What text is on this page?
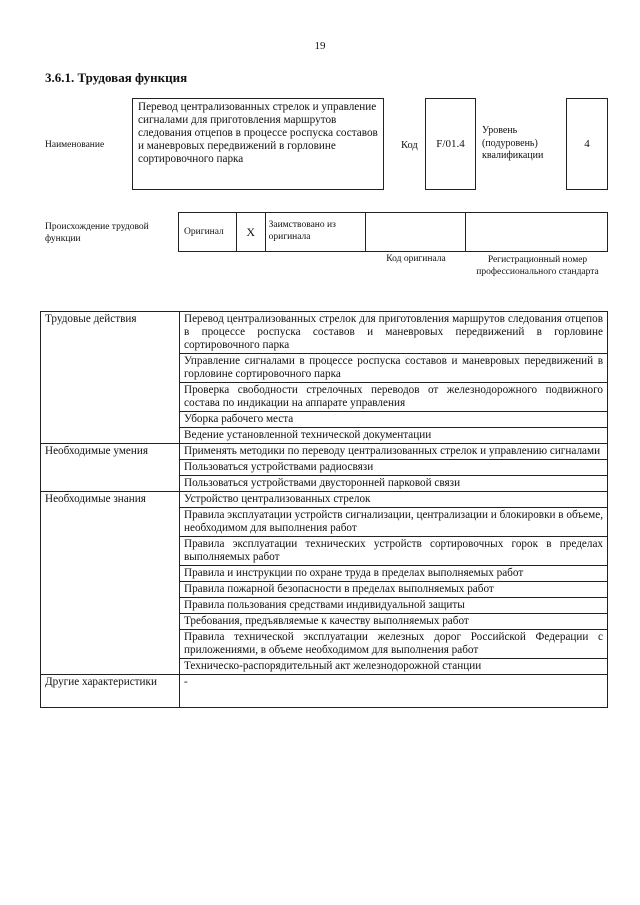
19
3.6.1. Трудовая функция
Наименование
Перевод централизованных стрелок и управление сигналами для приготовления маршрутов следования отцепов в процессе роспуска составов и маневровых передвижений в горловине сортировочного парка
Код	F/01.4
Уровень (подуровень) квалификации
4
Происхождение трудовой функции
Оригинал	X	Заимствовано из оригинала
Код оригинала	Регистрационный номер профессионального стандарта
Трудовые действия	Перевод централизованных стрелок для приготовления маршрутов следования отцепов в процессе роспуска составов и маневровых передвижений в горловине сортировочного парка
	Управление сигналами в процессе роспуска составов и маневровых передвижений в горловине сортировочного парка
	Проверка свободности стрелочных переводов от железнодорожного подвижного состава по индикации на аппарате управления
	Уборка рабочего места
	Ведение установленной технической документации
Необходимые умения	Применять методики по переводу централизованных стрелок и управлению сигналами
	Пользоваться устройствами радиосвязи
	Пользоваться устройствами двусторонней парковой связи
Необходимые знания	Устройство централизованных стрелок
	Правила эксплуатации устройств сигнализации, централизации и блокировки в объеме, необходимом для выполнения работ
	Правила эксплуатации технических устройств сортировочных горок в пределах выполняемых работ
	Правила и инструкции по охране труда в пределах выполняемых работ
	Правила пожарной безопасности в пределах выполняемых работ
	Правила пользования средствами индивидуальной защиты
	Требования, предъявляемые к качеству выполняемых работ
	Правила технической эксплуатации железных дорог Российской Федерации с приложениями, в объеме необходимом для выполнения работ
	Техническо-распорядительный акт железнодорожной станции
Другие характеристики	-
